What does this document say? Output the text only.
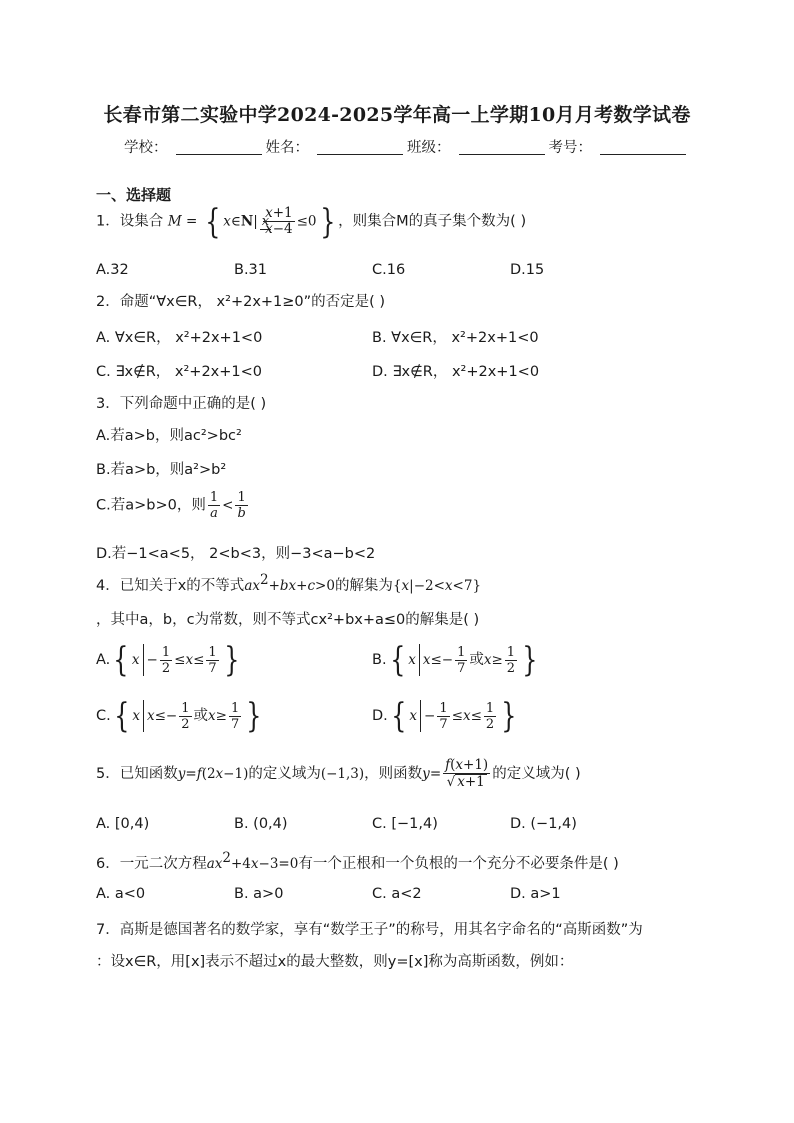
长春市第二实验中学2024-2025学年高一上学期10月月考数学试卷
学校：	姓名：	班级：	考号：
一、选择题
1．设集合 M = { x∈N| x
$\frac{x+1}{x-4} \le 0$} ，则集合M的真子集个数为( )
A.32	B.31	C.16	D.15
2．命题“∀x∈R， x²+2x+1≥0”的否定是( )
A. ∀x∈R， x²+2x+1<0	B. ∀x∈R， x²+2x+1<0
C. ∃x∉R， x²+2x+1<0	D. ∃x∉R， x²+2x+1<0
3．下列命题中正确的是( )
A.若a>b，则ac²>bc²
B.若a>b，则a²>b²
C.若a>b>0，则 $\frac{1}{a} < \frac{1}{b}$
D.若−1<a<5， 2<b<3，则−3<a−b<2
4．已知关于x的不等式$ax^2+bx+c>0$的解集为{x|−2<x<7}
，其中a，b，c为常数，则不等式cx²+bx+a≤0的解集是( )
A.{ $x - \frac{1}{2} \le x\le \frac{1}{7}$ }	B.{ x $x\le- \frac{1}{7}$ 或$x\ge \frac{1}{2}$ }
C.{ x $x\le- \frac{1}{2}$ 或$x\ge \frac{1}{7}$ }	D.{ $x - \frac{1}{7} \le x\le \frac{1}{2}$ }
5．已知函数y=f(2x−1)的定义域为(−1,3)，则函数$y= \frac{f(x+1)}{√ x+1}$ 的定义域为( )
A. [0,4)	B. (0,4)	C. [−1,4)	D. (−1,4)
6．一元二次方程$ax^2+4x-3=0$有一个正根和一个负根的一个充分不必要条件是( )
A. a<0	B. a>0	C. a<2	D. a>1
7．高斯是德国著名的数学家，享有“数学王子”的称号，用其名字命名的“高斯函数”为
：设x∈R，用[x]表示不超过x的最大整数，则y=[x]称为高斯函数，例如：
